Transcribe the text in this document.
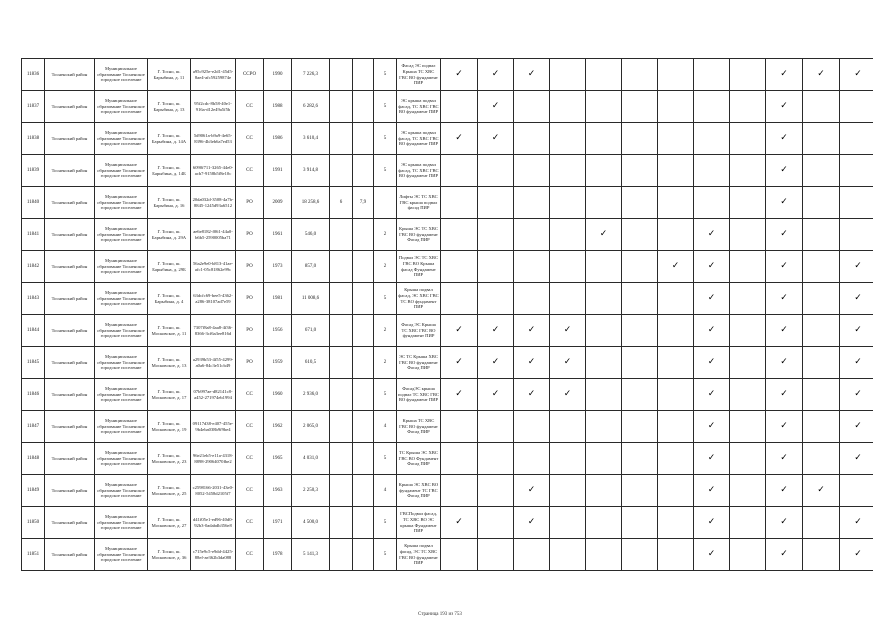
11836	Тосненский район	Муниципальное образование Тосненское городское поселение	Г. Тосно, ш. Барыбина, д. 11	a95c925e-e2d1-45d5-8ae4-afc59259874e	ССРО	1990	7 226,3			5	Фасад ЭС подвал Крыша ТС ХВС ГВС ВО фундамент ПИР	✓	✓	✓							✓	✓	✓
11837	Тосненский район	Муниципальное образование Тосненское городское поселение	Г. Тосно, ш. Барыбина, д. 13	95f2cdc-8b58-40e1-916a-d12e49a5f5b	СС	1988	6 282,6			5	ЭС крыша подвал фасад, ТС ХВС ГВС ВО фундамент ПИР		✓								✓		
11838	Тосненский район	Муниципальное образование Тосненское городское поселение	Г. Тосно, ш. Барыбина, д. 14А	5d9061a-b9a9-4e65-8396-4b3eb6a7ed53	СС	1986	3 610,4			5	ЭС крыша подвал фасад, ТС ХВС ГВС ВО фундамент ПИР	✓	✓								✓		
11839	Тосненский район	Муниципальное образование Тосненское городское поселение	Г. Тосно, ш. Барыбина, д. 14Б	6090f711-3265-44e0-acb7-9158b5f8e10c	СС	1991	3 914,8			5	ЭС крыша подвал фасад, ТС ХВС ГВС ВО фундамент ПИР										✓		
11840	Тосненский район	Муниципальное образование Тосненское городское поселение	Г. Тосно, ш. Барыбина, д. 16	20da032d-3508-4a7b-8845-1245d93a6512	РО	2009	18 258,6	6	7,9		Лифты ЭС ТС ХВС ГВС крыша подвал фасад ПИР										✓		
11841	Тосненский район	Муниципальное образование Тосненское городское поселение	Г. Тосно, ш. Барыбина, д. 29А	ae6e8182-f061-44a0-b6b5-2590005ba71	РО	1961	546,0			2	Крыша ЭС ТС ХВС ГВС ВО фундамент Фасад ПИР					✓			✓		✓		
11842	Тосненский район	Муниципальное образование Тосненское городское поселение	Г. Тосно, ш. Барыбина, д. 29Б	56a2e9e0-b813-41ae-afc1-05c81862e99c	РО	1973	857,0			2	Подвал ЭС ТС ХВС ГВС ВО Крыша фасад Фундамент ПИР							✓	✓		✓		✓
11843	Тосненский район	Муниципальное образование Тосненское городское поселение	Г. Тосно, ш. Барыбина, д. 4	63dcfc69-bee5-4362-a286-38107ad7e59	РО	1981	11 008,6			5	Крыша подвал фасад, ЭС ХВС ГВС ТС ВО фундамент ПИР								✓		✓		✓
11844	Тосненский район	Муниципальное образование Тосненское городское поселение	Г. Тосно, ш. Московское, д. 11	7307f8a8-4aa8-4f36-8366-3cf6a3ee816d	РО	1956	671,0			2	Фасад ЭС Крыша ТС ХВС ГВС ВО фундамент ПИР	✓	✓	✓	✓				✓		✓		✓
11845	Тосненский район	Муниципальное образование Тосненское городское поселение	Г. Тосно, ш. Московское, д. 13	a2939b53-4f55-4299-a0a6-84c3e51cb49	РО	1959	610,5			2	ЭС ТС Крыша ХВС ГВС ВО фундамент Фасад ПИР	✓	✓	✓	✓				✓		✓		✓
11846	Тосненский район	Муниципальное образование Тосненское городское поселение	Г. Тосно, ш. Московское, д. 17	07b997ae-d82141c8-a452-271974eb1994	СС	1960	2 936,0			5	ФасадЭС крыша подвал ТС ХВС ГВС ВО фундамент ПИР	✓	✓	✓	✓				✓		✓		✓
11847	Тосненский район	Муниципальное образование Тосненское городское поселение	Г. Тосно, ш. Московское, д. 19	09117d38-e407-455e-9b4eba038b9f9be4	СС	1962	2 065,0			4	Крыша ТС ХВС ГВС ВО фундамент Фасад ПИР								✓		✓		✓
11848	Тосненский район	Муниципальное образование Тосненское городское поселение	Г. Тосно, ш. Московское, д. 23	96e21eb5-e11a-4318-8898-29064070fbe2	СС	1965	4 031,0			5	ТС Крыша ЭС ХВС ГВС ВО Фундамент Фасад ПИР								✓		✓		✓
11849	Тосненский район	Муниципальное образование Тосненское городское поселение	Г. Тосно, ш. Московское, д. 25	c2598166-2031-43e0-8052-5458d2105f7	СС	1963	2 250,3			4	Крыша ЭС ХВС ВО фундамент ТС ГВС Фасад ПИР			✓					✓		✓	✓	
11850	Тосненский район	Муниципальное образование Тосненское городское поселение	Г. Тосно, ш. Московское, д. 27	d41f05e1-ed96-40d0-92b3-0adabdb356e8	СС	1971	4 500,0			5	ГВСПодвал фасад, ТС ХВС ВО ЭС крыша Фундамент ПИР	✓		✓					✓		✓		✓
11851	Тосненский район	Муниципальное образование Тосненское городское поселение	Г. Тосно, ш. Московское, д. 36	c715e9c5-e9dd-4425-88ef-ae362b3da088	СС	1978	5 141,3			5	Крыша подвал фасад, ЭС ТС ХВС ГВС ВО фундамент ПИР								✓		✓		✓
Страница 193 из 753
